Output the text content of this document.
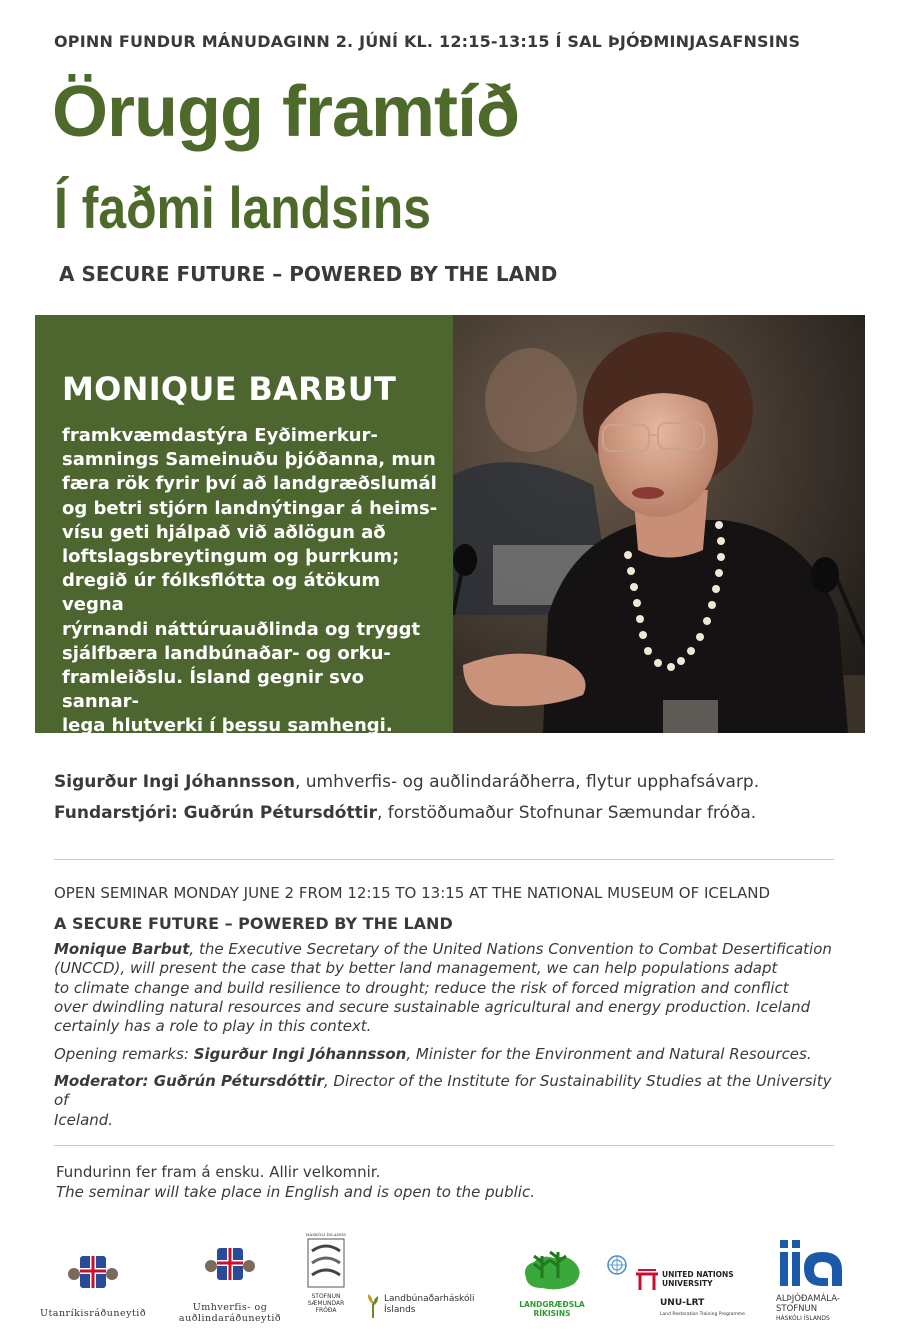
OPINN FUNDUR MÁNUDAGINN 2. JÚNÍ KL. 12:15-13:15 Í SAL ÞJÓÐMINJASAFNSINS
Örugg framtíð
Í faðmi landsins
A SECURE FUTURE – POWERED BY THE LAND
MONIQUE BARBUT
framkvæmdastýra Eyðimerkur-
samnings Sameinuðu þjóðanna, mun
færa rök fyrir því að landgræðslumál
og betri stjórn landnýtingar á heims-
vísu geti hjálpað við aðlögun að
loftslagsbreytingum og þurrkum;
dregið úr fólksflótta og átökum vegna
rýrnandi náttúruauðlinda og tryggt
sjálfbæra landbúnaðar- og orku-
framleiðslu. Ísland gegnir svo sannar-
lega hlutverki í þessu samhengi.
Sigurður Ingi Jóhannsson, umhverfis- og auðlindaráðherra, flytur upphafsávarp.
Fundarstjóri: Guðrún Pétursdóttir, forstöðumaður Stofnunar Sæmundar fróða.
OPEN SEMINAR MONDAY JUNE 2 FROM 12:15 TO 13:15 AT THE NATIONAL MUSEUM OF ICELAND
A SECURE FUTURE – POWERED BY THE LAND
Monique Barbut, the Executive Secretary of the United Nations Convention to Combat Desertification
(UNCCD), will present the case that by better land management, we can help populations adapt
to climate change and build resilience to drought; reduce the risk of forced migration and conflict
over dwindling natural resources and secure sustainable agricultural and energy production. Iceland
certainly has a role to play in this context.
Opening remarks: Sigurður Ingi Jóhannsson, Minister for the Environment and Natural Resources.
Moderator: Guðrún Pétursdóttir, Director of the Institute for Sustainability Studies at the University of
Iceland.
Fundurinn fer fram á ensku. Allir velkomnir.
The seminar will take place in English and is open to the public.
Utanríkisráðuneytið
Umhverfis- og
auðlindaráðuneytið
HÁSKÓLI ÍSLANDS
STOFNUN
SÆMUNDAR
FRÓÐA
Landbúnaðarháskóli
Íslands
LANDGRÆÐSLA
RÍKISINS
UNITED NATIONS
UNIVERSITY
UNU-LRT
Land Restoration Training Programme
ALÞJÓÐAMÁLA-
STOFNUN
HÁSKÓLI ÍSLANDS
